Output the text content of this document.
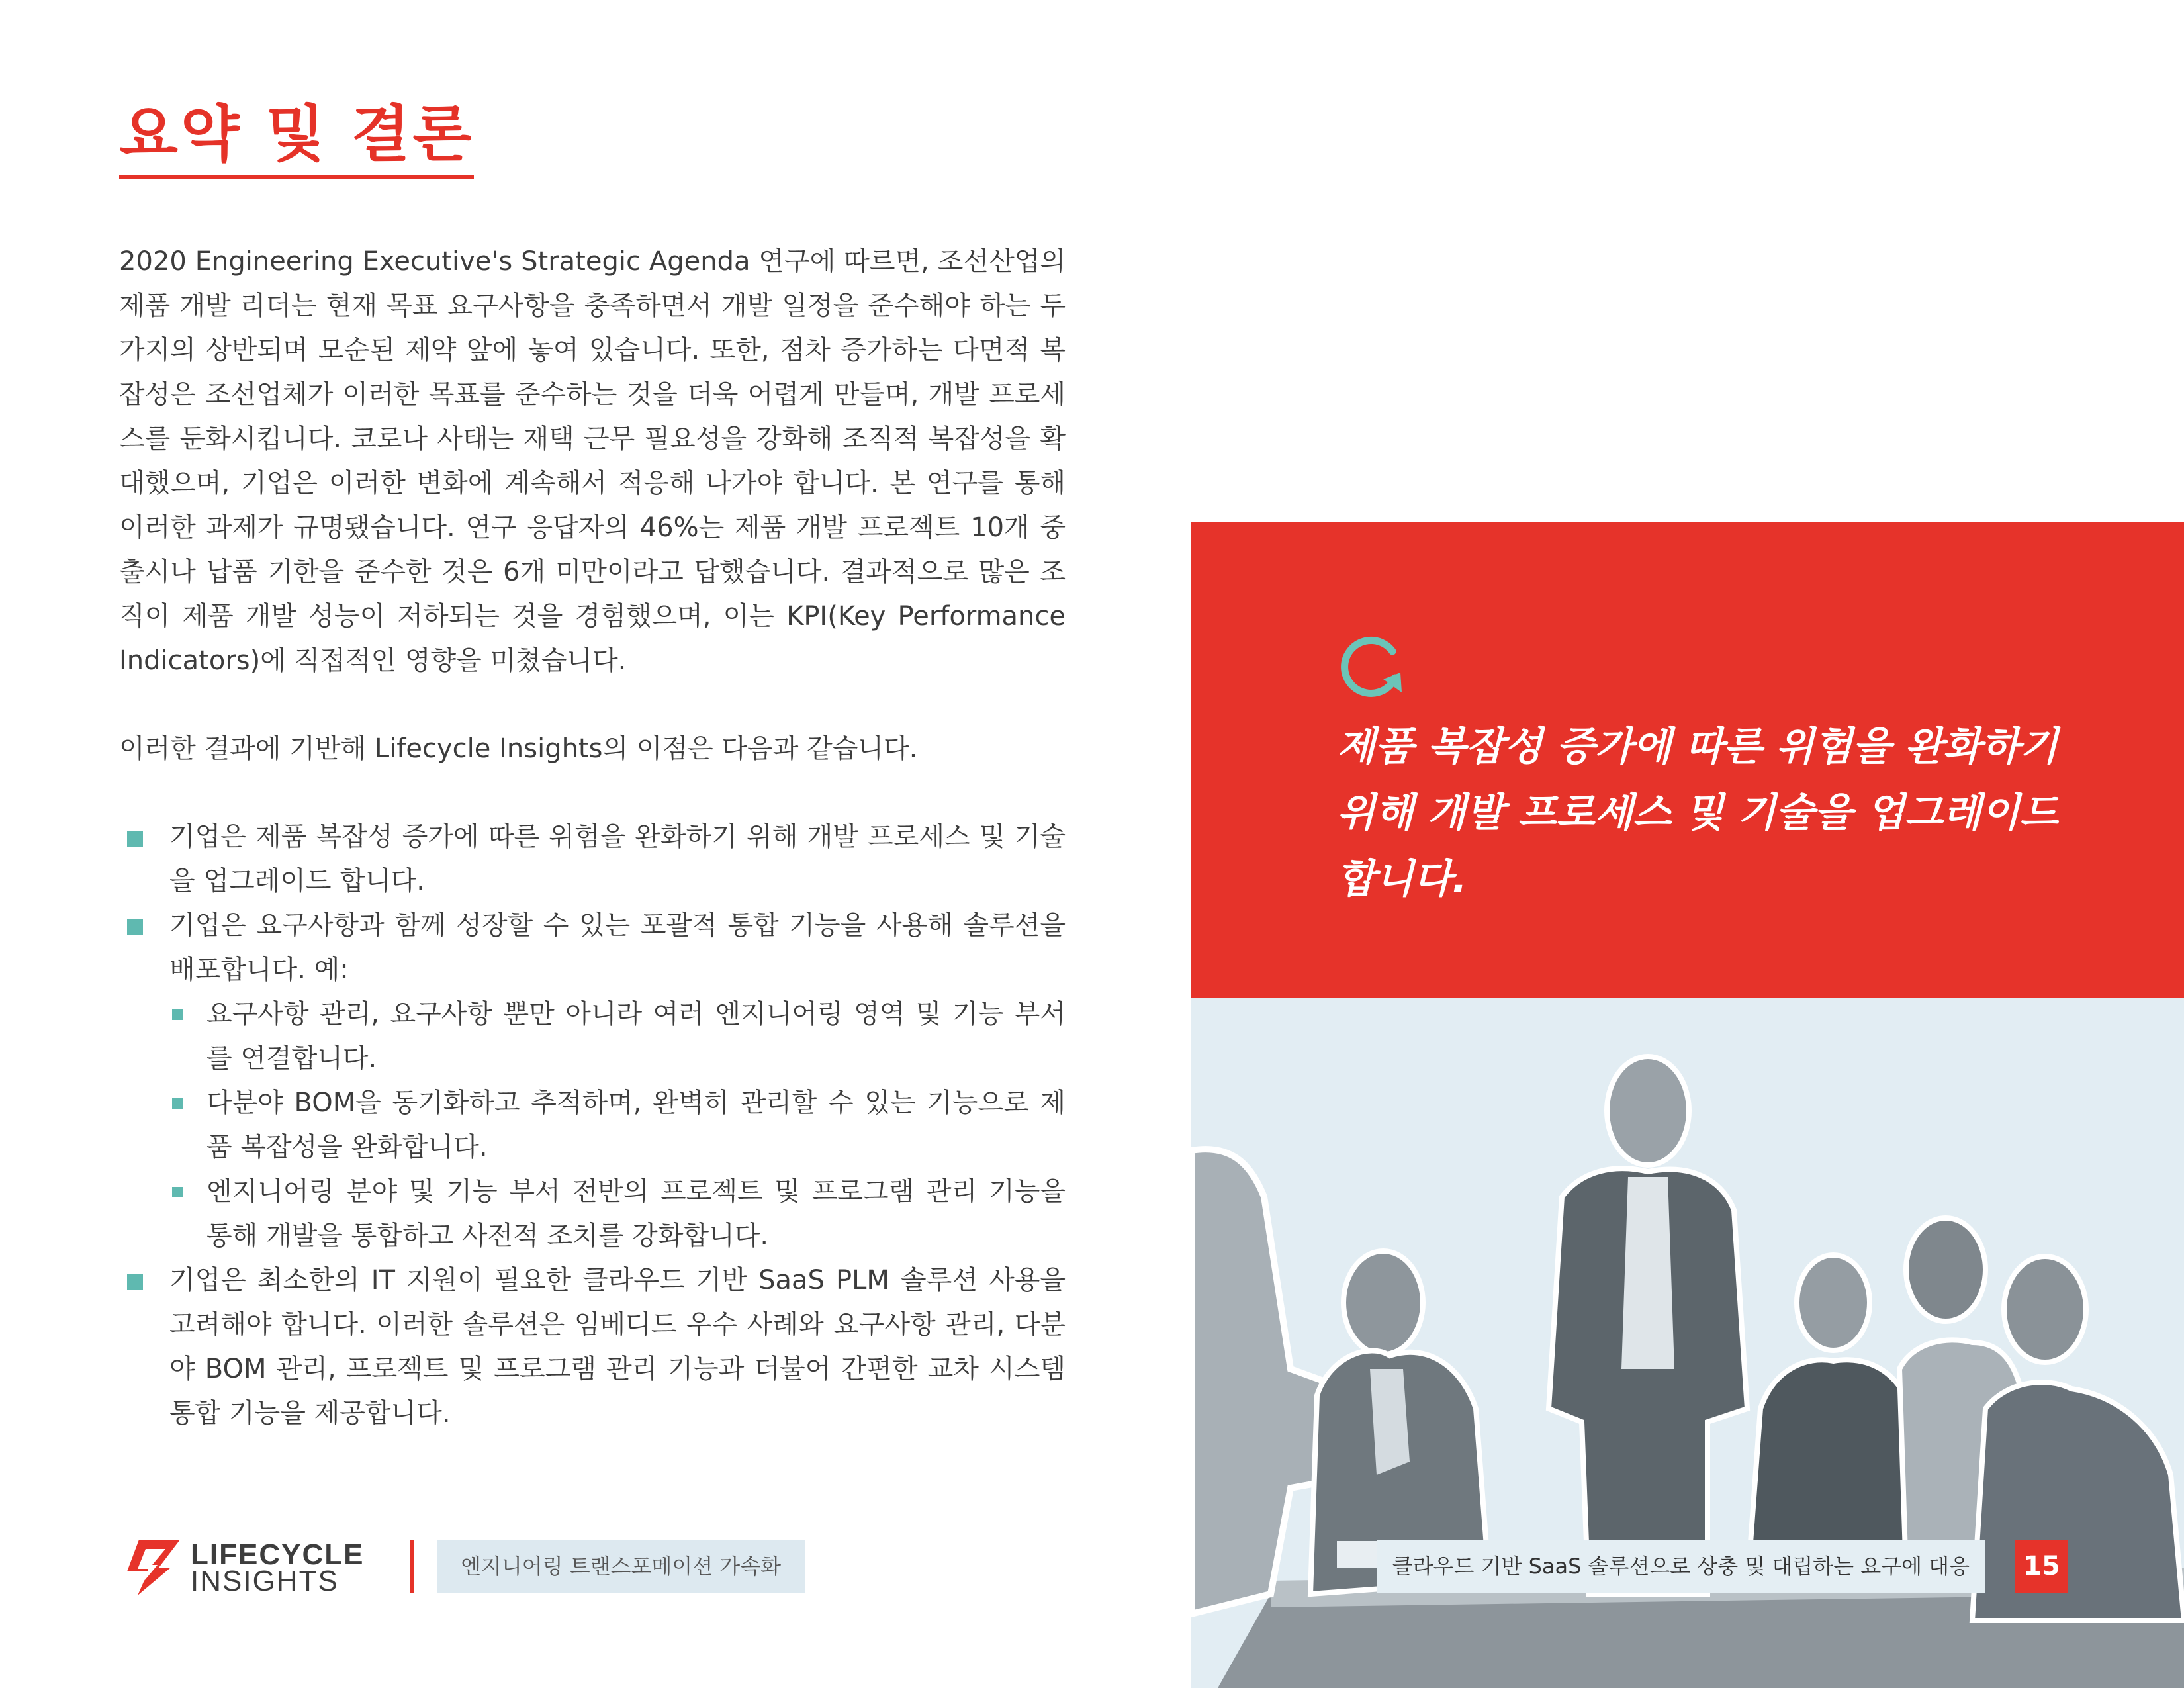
요약 및 결론

2020 Engineering Executive's Strategic Agenda 연구에 따르면, 조선산업의 제품 개발 리더는 현재 목표 요구사항을 충족하면서 개발 일정을 준수해야 하는 두 가지의 상반되며 모순된 제약 앞에 놓여 있습니다. 또한, 점차 증가하는 다면적 복잡성은 조선업체가 이러한 목표를 준수하는 것을 더욱 어렵게 만들며, 개발 프로세스를 둔화시킵니다. 코로나 사태는 재택 근무 필요성을 강화해 조직적 복잡성을 확대했으며, 기업은 이러한 변화에 계속해서 적응해 나가야 합니다. 본 연구를 통해 이러한 과제가 규명됐습니다. 연구 응답자의 46%는 제품 개발 프로젝트 10개 중 출시나 납품 기한을 준수한 것은 6개 미만이라고 답했습니다. 결과적으로 많은 조직이 제품 개발 성능이 저하되는 것을 경험했으며, 이는 KPI(Key Performance Indicators)에 직접적인 영향을 미쳤습니다.

이러한 결과에 기반해 Lifecycle Insights의 이점은 다음과 같습니다.

기업은 제품 복잡성 증가에 따른 위험을 완화하기 위해 개발 프로세스 및 기술을 업그레이드 합니다.
기업은 요구사항과 함께 성장할 수 있는 포괄적 통합 기능을 사용해 솔루션을 배포합니다. 예:
요구사항 관리, 요구사항 뿐만 아니라 여러 엔지니어링 영역 및 기능 부서를 연결합니다.
다분야 BOM을 동기화하고 추적하며, 완벽히 관리할 수 있는 기능으로 제품 복잡성을 완화합니다.
엔지니어링 분야 및 기능 부서 전반의 프로젝트 및 프로그램 관리 기능을 통해 개발을 통합하고 사전적 조치를 강화합니다.
기업은 최소한의 IT 지원이 필요한 클라우드 기반 SaaS PLM 솔루션 사용을 고려해야 합니다. 이러한 솔루션은 임베디드 우수 사례와 요구사항 관리, 다분야 BOM 관리, 프로젝트 및 프로그램 관리 기능과 더불어 간편한 교차 시스템 통합 기능을 제공합니다.
LIFECYCLE
INSIGHTS	엔지니어링 트랜스포메이션 가속화
제품 복잡성 증가에 따른 위험을 완화하기 위해 개발 프로세스 및 기술을 업그레이드 합니다.
클라우드 기반 SaaS 솔루션으로 상충 및 대립하는 요구에 대응	15
